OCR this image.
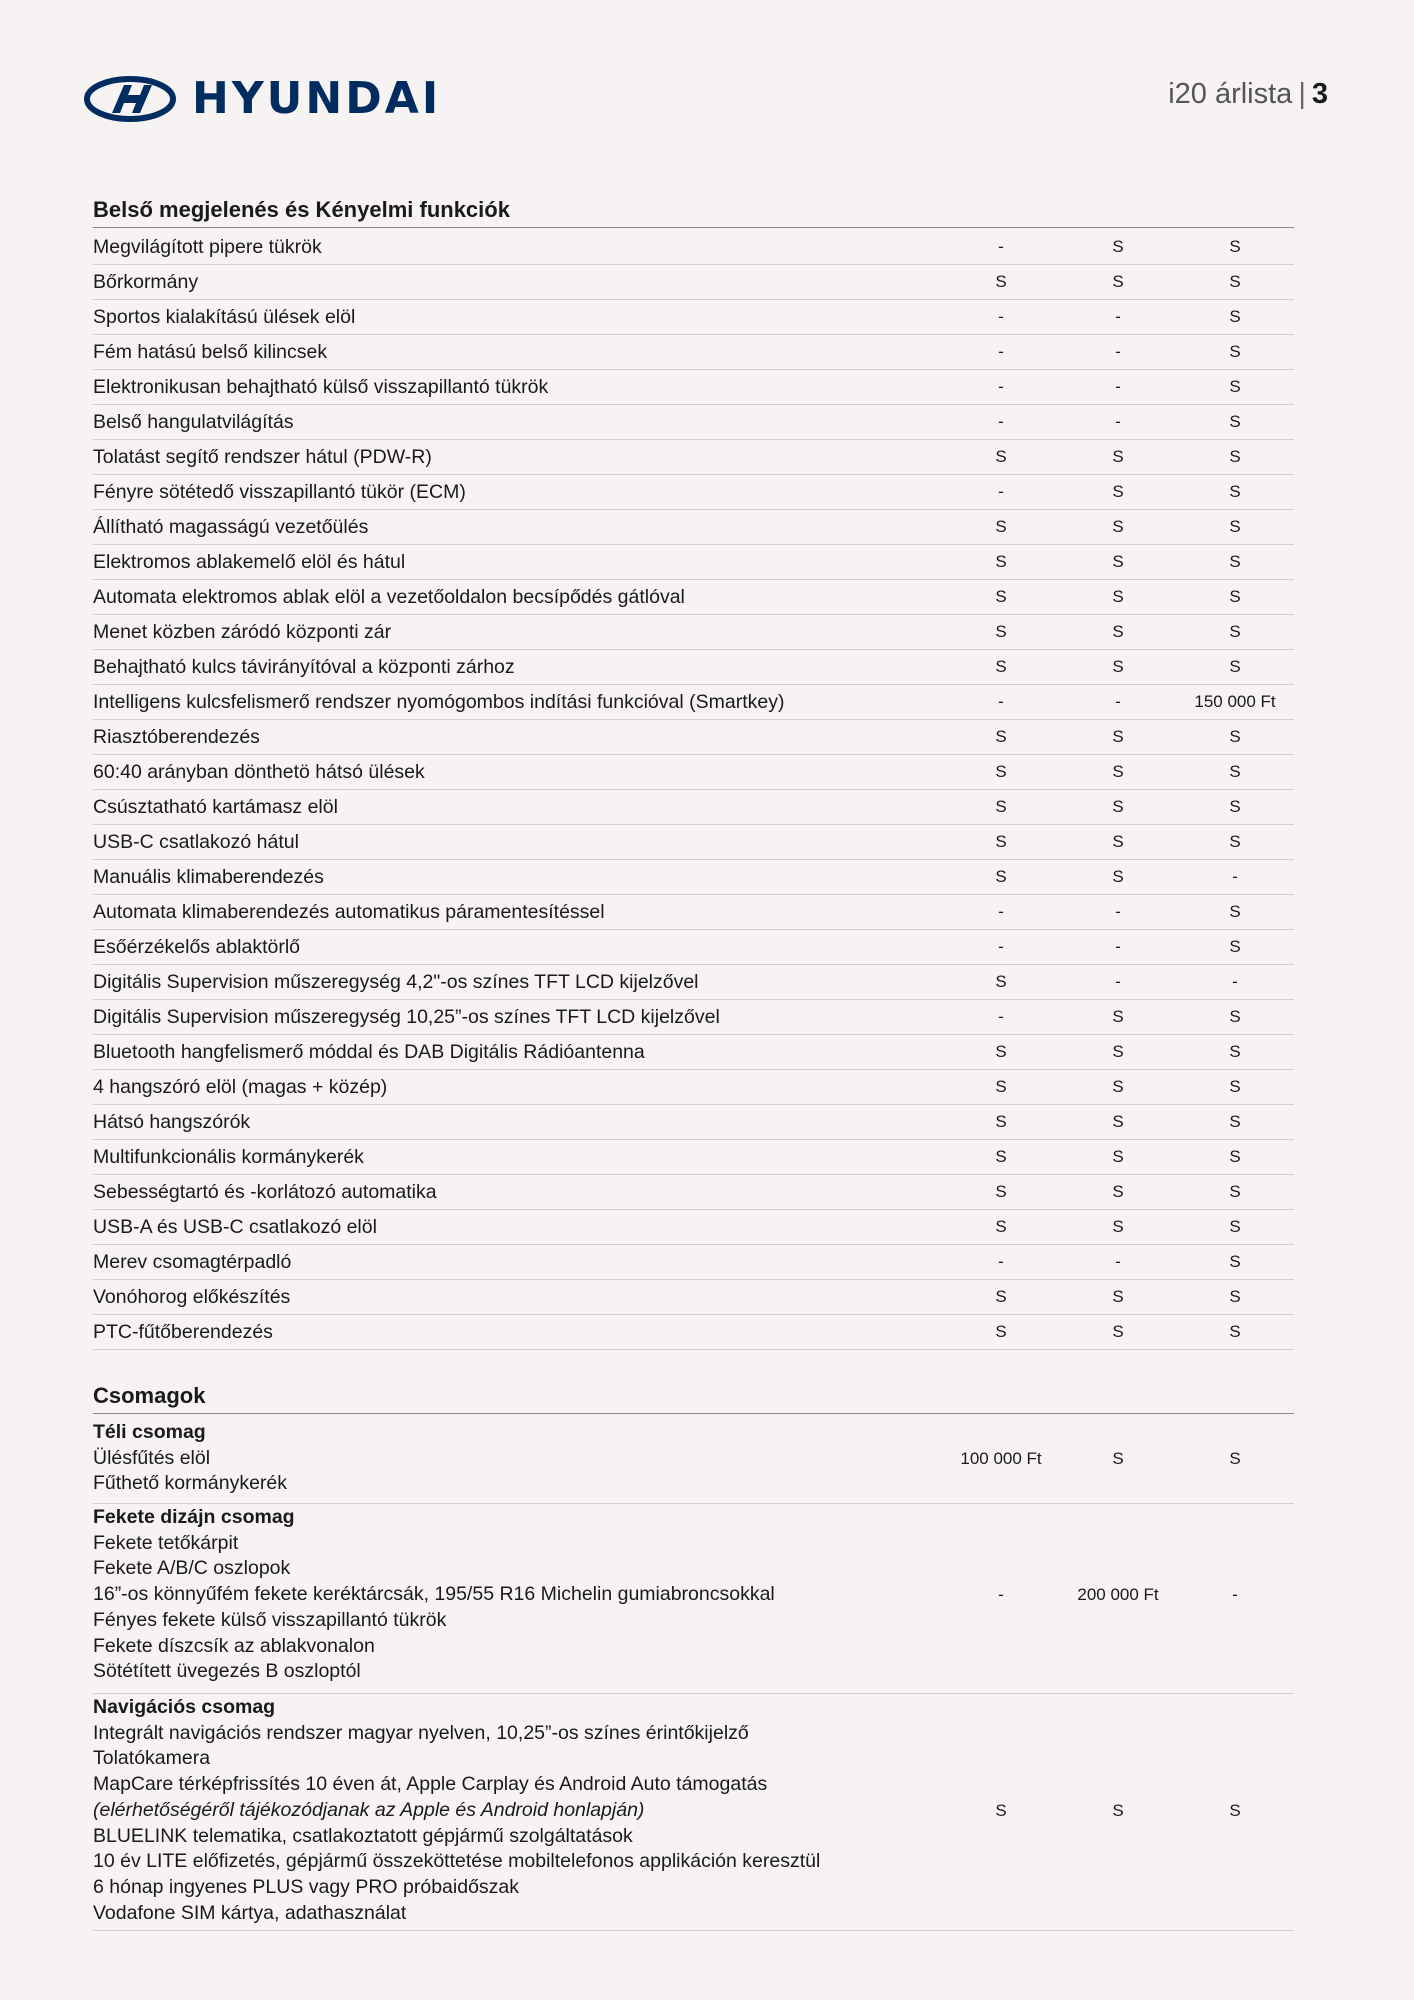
HYUNDAI	i20 árlista | 3
Belső megjelenés és Kényelmi funkciók
Megvilágított pipere tükrök	-	S	S
Bőrkormány	S	S	S
Sportos kialakítású ülések elöl	-	-	S
Fém hatású belső kilincsek	-	-	S
Elektronikusan behajtható külső visszapillantó tükrök	-	-	S
Belső hangulatvilágítás	-	-	S
Tolatást segítő rendszer hátul (PDW-R)	S	S	S
Fényre sötétedő visszapillantó tükör (ECM)	-	S	S
Állítható magasságú vezetőülés	S	S	S
Elektromos ablakemelő elöl és hátul	S	S	S
Automata elektromos ablak elöl a vezetőoldalon becsípődés gátlóval	S	S	S
Menet közben záródó központi zár	S	S	S
Behajtható kulcs távirányítóval a központi zárhoz	S	S	S
Intelligens kulcsfelismerő rendszer nyomógombos indítási funkcióval (Smartkey)	-	-	150 000 Ft
Riasztóberendezés	S	S	S
60:40 arányban dönthetö hátsó ülések	S	S	S
Csúsztatható kartámasz elöl	S	S	S
USB-C csatlakozó hátul	S	S	S
Manuális klimaberendezés	S	S	-
Automata klimaberendezés automatikus páramentesítéssel	-	-	S
Esőérzékelős ablaktörlő	-	-	S
Digitális Supervision műszeregység 4,2"-os színes TFT LCD kijelzővel	S	-	-
Digitális Supervision műszeregység 10,25”-os színes TFT LCD kijelzővel	-	S	S
Bluetooth hangfelismerő móddal és DAB Digitális Rádióantenna	S	S	S
4 hangszóró elöl (magas + közép)	S	S	S
Hátsó hangszórók	S	S	S
Multifunkcionális kormánykerék	S	S	S
Sebességtartó és -korlátozó automatika	S	S	S
USB-A és USB-C csatlakozó elöl	S	S	S
Merev csomagtérpadló	-	-	S
Vonóhorog előkészítés	S	S	S
PTC-fűtőberendezés	S	S	S
Csomagok
Téli csomag
Ülésfűtés elöl
Fűthető kormánykerék
100 000 Ft	S	S
Fekete dizájn csomag
Fekete tetőkárpit
Fekete A/B/C oszlopok
16”-os könnyűfém fekete keréktárcsák, 195/55 R16 Michelin gumiabroncsokkal
Fényes fekete külső visszapillantó tükrök
Fekete díszcsík az ablakvonalon
Sötétített üvegezés B oszloptól
-	200 000 Ft	-
Navigációs csomag
Integrált navigációs rendszer magyar nyelven, 10,25”-os színes érintőkijelző
Tolatókamera
MapCare térképfrissítés 10 éven át, Apple Carplay és Android Auto támogatás
(elérhetőségéről tájékozódjanak az Apple és Android honlapján)
BLUELINK telematika, csatlakoztatott gépjármű szolgáltatások
10 év LITE előfizetés, gépjármű összeköttetése mobiltelefonos applikáción keresztül
6 hónap ingyenes PLUS vagy PRO próbaidőszak
Vodafone SIM kártya, adathasználat
S	S	S
